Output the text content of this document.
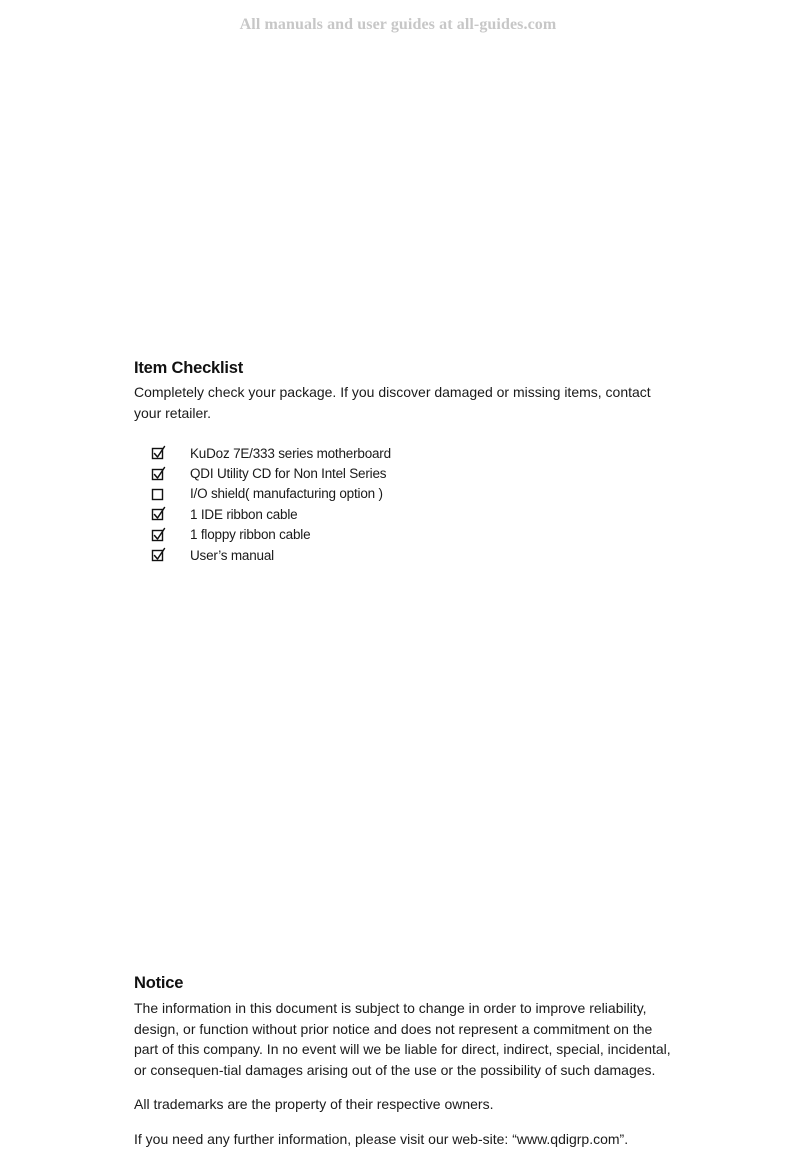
All manuals and user guides at all-guides.com
Item Checklist

Completely check your package. If you discover damaged or missing items, contact your retailer.

KuDoz 7E/333 series motherboard
QDI Utility CD for Non Intel Series
I/O shield( manufacturing option )
1 IDE ribbon cable
1 floppy ribbon cable
User’s manual
Notice

The information in this document is subject to change in order to improve reliability, design, or function without prior notice and does not represent a commitment on the part of this company. In no event will we be liable for direct, indirect, special, incidental, or consequen-tial damages arising out of the use or the possibility of such damages.

All trademarks are the property of their respective owners.

If you need any further information, please visit our web-site: “www.qdigrp.com”.
